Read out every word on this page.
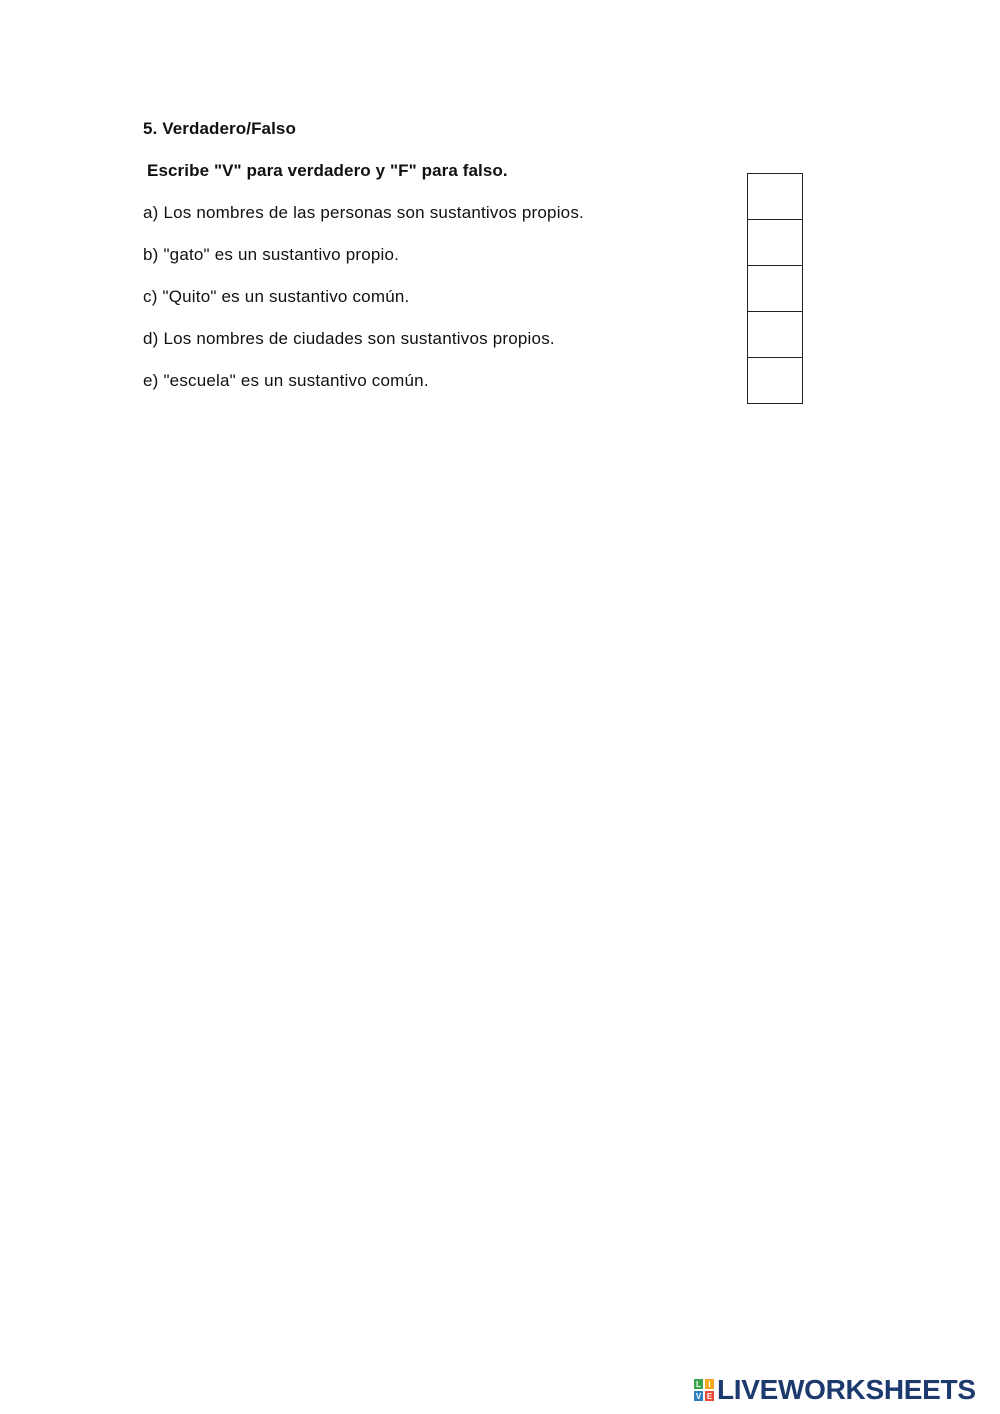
5. Verdadero/Falso
Escribe "V" para verdadero y "F" para falso.
a) Los nombres de las personas son sustantivos propios.
b) "gato" es un sustantivo propio.
c) "Quito" es un sustantivo común.
d) Los nombres de ciudades son sustantivos propios.
e) "escuela" es un sustantivo común.
L I
V E LIVEWORKSHEETS
